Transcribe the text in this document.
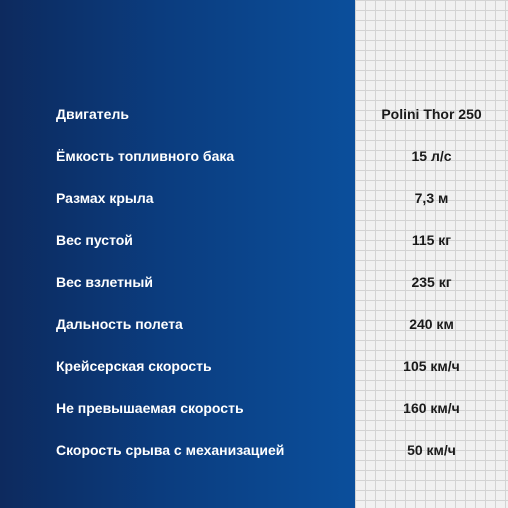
Двигатель	Polini Thor 250
Ёмкость топливного бака	15 л/с
Размах крыла	7,3 м
Вес пустой	115 кг
Вес взлетный	235 кг
Дальность полета	240 км
Крейсерская скорость	105 км/ч
Не превышаемая скорость	160 км/ч
Скорость срыва с механизацией	50 км/ч
